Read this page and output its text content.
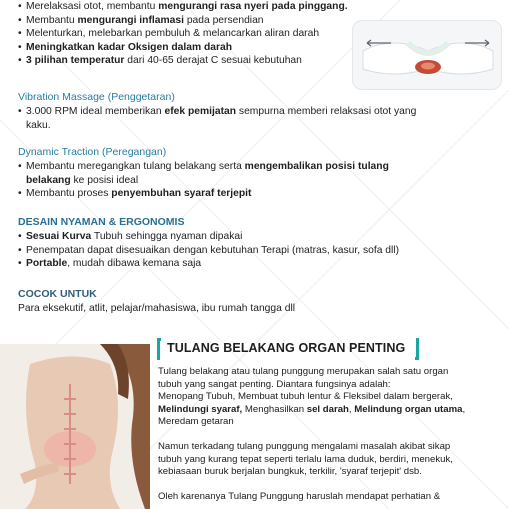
• Merelaksasi otot, membantu mengurangi rasa nyeri pada pinggang.
• Membantu mengurangi inflamasi pada persendian
• Melenturkan, melebarkan pembuluh & melancarkan aliran darah
• Meningkatkan kadar Oksigen dalam darah
• 3 pilihan temperatur dari 40-65 derajat C sesuai kebutuhan
Vibration Massage (Penggetaran)
• 3.000 RPM ideal memberikan efek pemijatan sempurna memberi relaksasi otot yang
kaku.
Dynamic Traction (Peregangan)
• Membantu meregangkan tulang belakang serta mengembalikan posisi tulang
belakang ke posisi ideal
• Membantu proses penyembuhan syaraf terjepit
DESAIN NYAMAN & ERGONOMIS
• Sesuai Kurva Tubuh sehingga nyaman dipakai
• Penempatan dapat disesuaikan dengan kebutuhan Terapi (matras, kasur, sofa dll)
• Portable, mudah dibawa kemana saja
COCOK UNTUK
Para eksekutif, atlit, pelajar/mahasiswa, ibu rumah tangga dll
TULANG BELAKANG ORGAN PENTING
Tulang belakang atau tulang punggung merupakan salah satu organ
tubuh yang sangat penting. Diantara fungsinya adalah:
Menopang Tubuh, Membuat tubuh lentur & Fleksibel dalam bergerak,
Melindungi syaraf, Menghasilkan sel darah, Melindung organ utama,
Meredam getaran
Namun terkadang tulang punggung mengalami masalah akibat sikap
tubuh yang kurang tepat seperti terlalu lama duduk, berdiri, menekuk,
kebiasaan buruk berjalan bungkuk, terkilir, 'syaraf terjepit' dsb.
Oleh karenanya Tulang Punggung haruslah mendapat perhatian &
